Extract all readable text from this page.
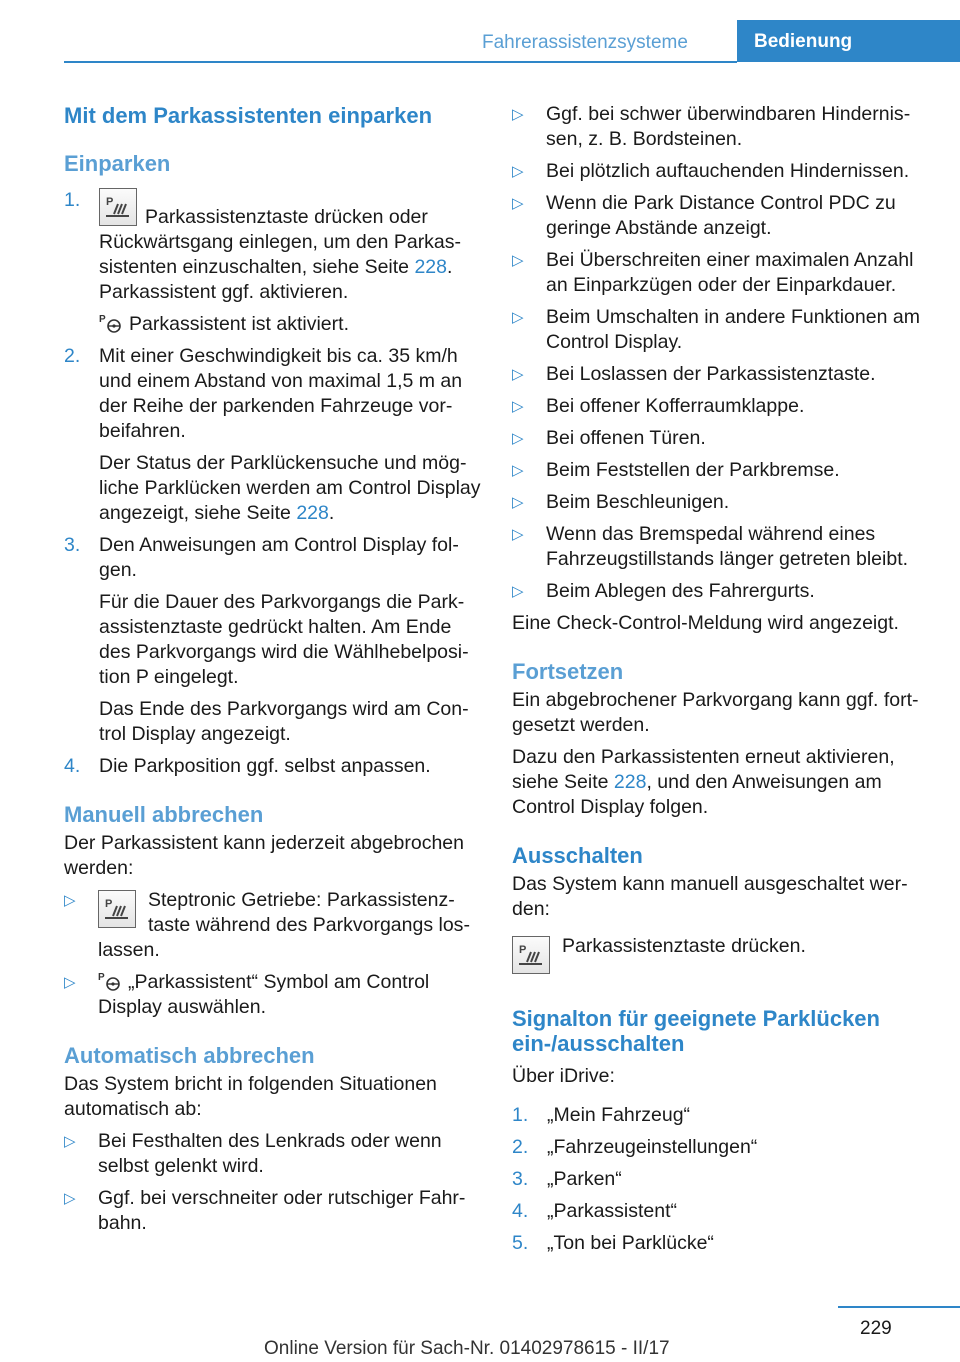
Fahrerassistenzsysteme	Bedienung
Mit dem Parkassistenten einparken
Einparken
1. P
Parkassistenztaste drücken oder Rückwärtsgang einlegen, um den Parkassistenten einzuschalten, siehe Seite 228. Parkassistent ggf. aktivieren.
P Parkassistent ist aktiviert.
2. Mit einer Geschwindigkeit bis ca. 35 km/h und einem Abstand von maximal 1,5 m an der Reihe der parkenden Fahrzeuge vorbeifahren.
Der Status der Parklückensuche und mögliche Parklücken werden am Control Display angezeigt, siehe Seite 228.
3. Den Anweisungen am Control Display folgen.
Für die Dauer des Parkvorgangs die Parkassistenztaste gedrückt halten. Am Ende des Parkvorgangs wird die Wählhebelposition P eingelegt.
Das Ende des Parkvorgangs wird am Control Display angezeigt.
4. Die Parkposition ggf. selbst anpassen.
Manuell abbrechen

Der Parkassistent kann jederzeit abgebrochen werden:

▷	P Steptronic Getriebe: Parkassistenztaste während des Parkvorgangs loslassen.
▷ P „Parkassistent“ Symbol am Control Display auswählen.
Automatisch abbrechen

Das System bricht in folgenden Situationen automatisch ab:

▷ Bei Festhalten des Lenkrads oder wenn selbst gelenkt wird.
▷ Ggf. bei verschneiter oder rutschiger Fahrbahn.
▷ Ggf. bei schwer überwindbaren Hindernissen, z. B. Bordsteinen.
▷ Bei plötzlich auftauchenden Hindernissen.
▷ Wenn die Park Distance Control PDC zu geringe Abstände anzeigt.
▷ Bei Überschreiten einer maximalen Anzahl an Einparkzügen oder der Einparkdauer.
▷ Beim Umschalten in andere Funktionen am Control Display.
▷ Bei Loslassen der Parkassistenztaste.
▷ Bei offener Kofferraumklappe.
▷ Bei offenen Türen.
▷ Beim Feststellen der Parkbremse.
▷ Beim Beschleunigen.
▷ Wenn das Bremspedal während eines Fahrzeugstillstands länger getreten bleibt.
▷ Beim Ablegen des Fahrergurts.

Eine Check-Control-Meldung wird angezeigt.

Fortsetzen

Ein abgebrochener Parkvorgang kann ggf. fortgesetzt werden.

Dazu den Parkassistenten erneut aktivieren, siehe Seite 228, und den Anweisungen am Control Display folgen.

Ausschalten

Das System kann manuell ausgeschaltet werden:

P Parkassistenztaste drücken.
Signalton für geeignete Parklücken ein-/ausschalten

Über iDrive:

1. „Mein Fahrzeug“
2. „Fahrzeugeinstellungen“
3. „Parken“
4. „Parkassistent“
5. „Ton bei Parklücke“
229
Online Version für Sach-Nr. 01402978615 - II/17
